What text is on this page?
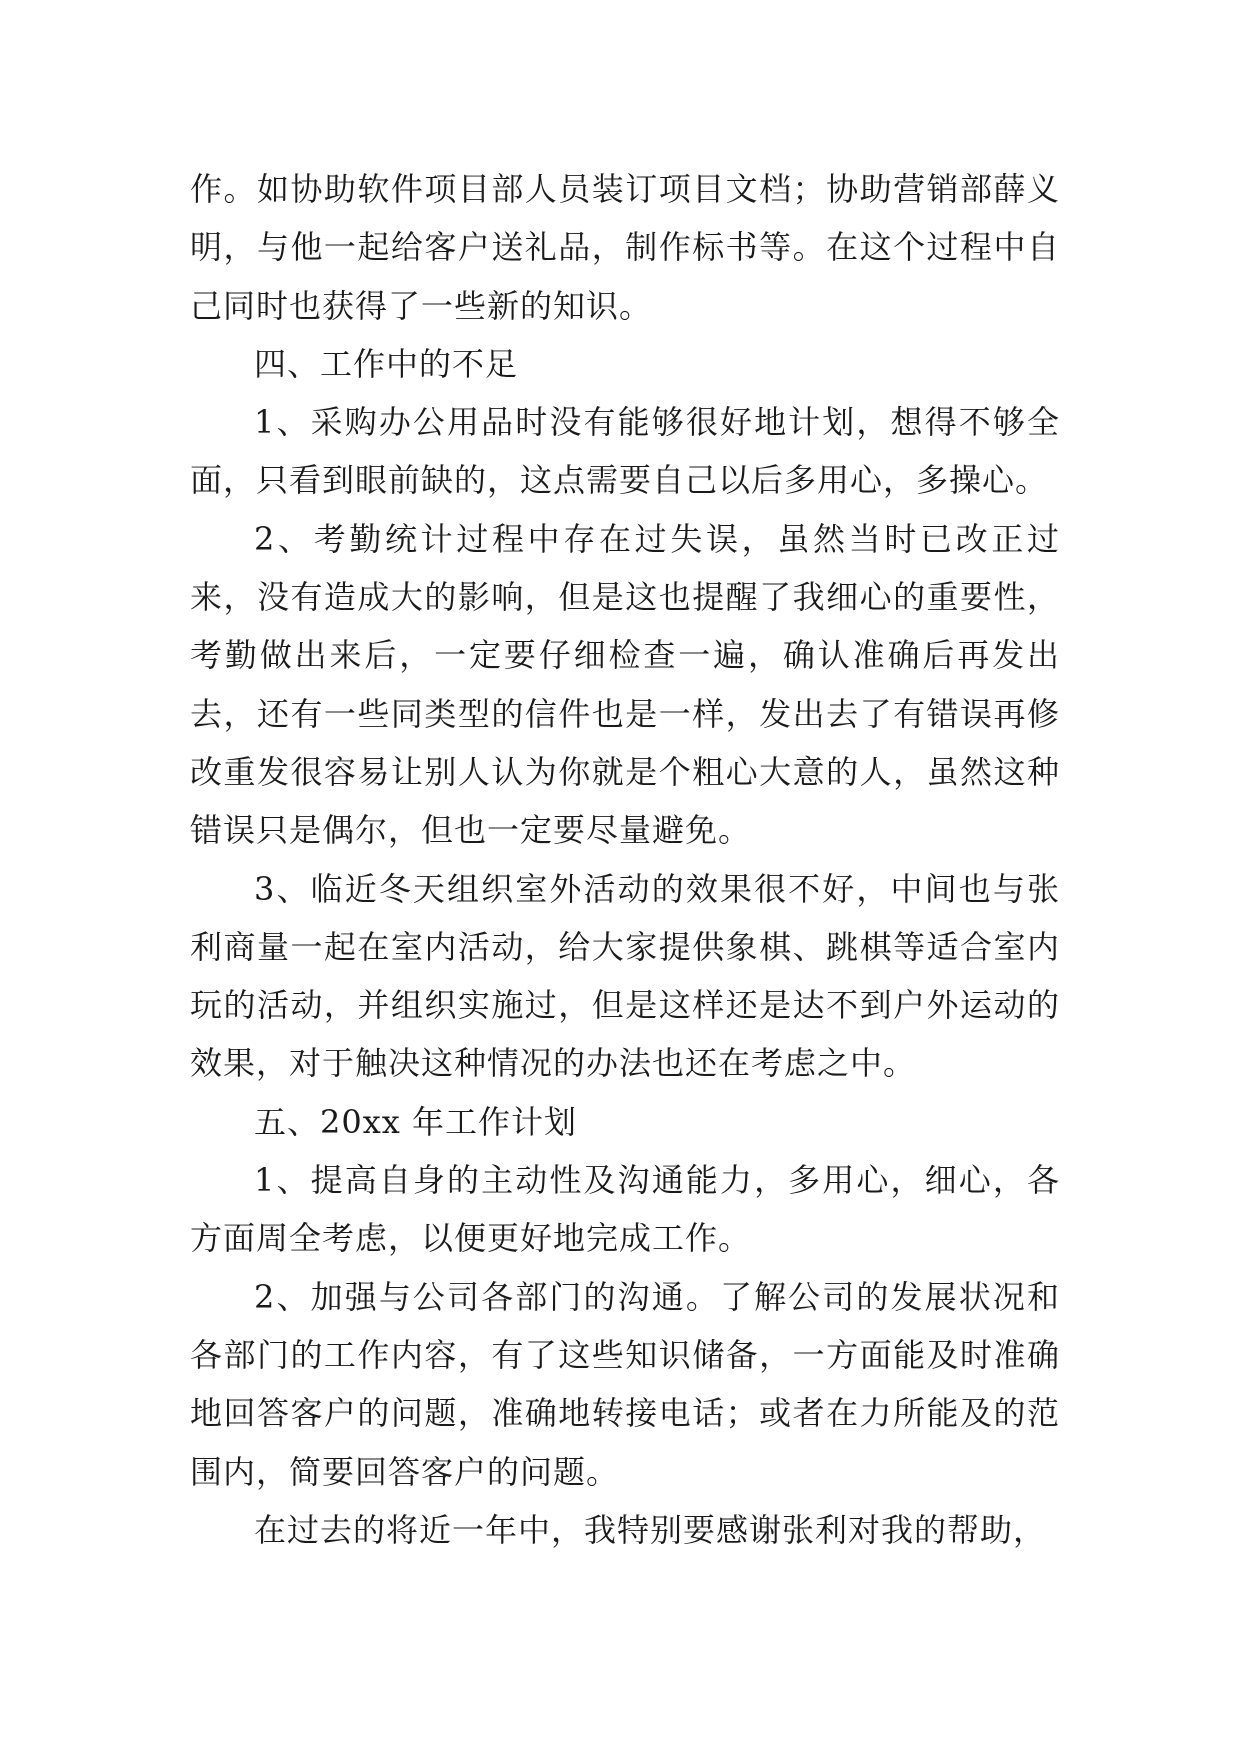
作。如协助软件项目部人员装订项目文档；协助营销部薛义明，与他一起给客户送礼品，制作标书等。在这个过程中自己同时也获得了一些新的知识。

四、工作中的不足

1、采购办公用品时没有能够很好地计划，想得不够全面，只看到眼前缺的，这点需要自己以后多用心，多操心。

2、考勤统计过程中存在过失误，虽然当时已改正过来，没有造成大的影响，但是这也提醒了我细心的重要性，考勤做出来后，一定要仔细检查一遍，确认准确后再发出去，还有一些同类型的信件也是一样，发出去了有错误再修改重发很容易让别人认为你就是个粗心大意的人，虽然这种错误只是偶尔，但也一定要尽量避免。

3、临近冬天组织室外活动的效果很不好，中间也与张利商量一起在室内活动，给大家提供象棋、跳棋等适合室内玩的活动，并组织实施过，但是这样还是达不到户外运动的效果，对于触决这种情况的办法也还在考虑之中。

五、20xx 年工作计划

1、提高自身的主动性及沟通能力，多用心，细心，各方面周全考虑，以便更好地完成工作。

2、加强与公司各部门的沟通。了解公司的发展状况和各部门的工作内容，有了这些知识储备，一方面能及时准确地回答客户的问题，准确地转接电话；或者在力所能及的范围内，简要回答客户的问题。

在过去的将近一年中，我特别要感谢张利对我的帮助，
